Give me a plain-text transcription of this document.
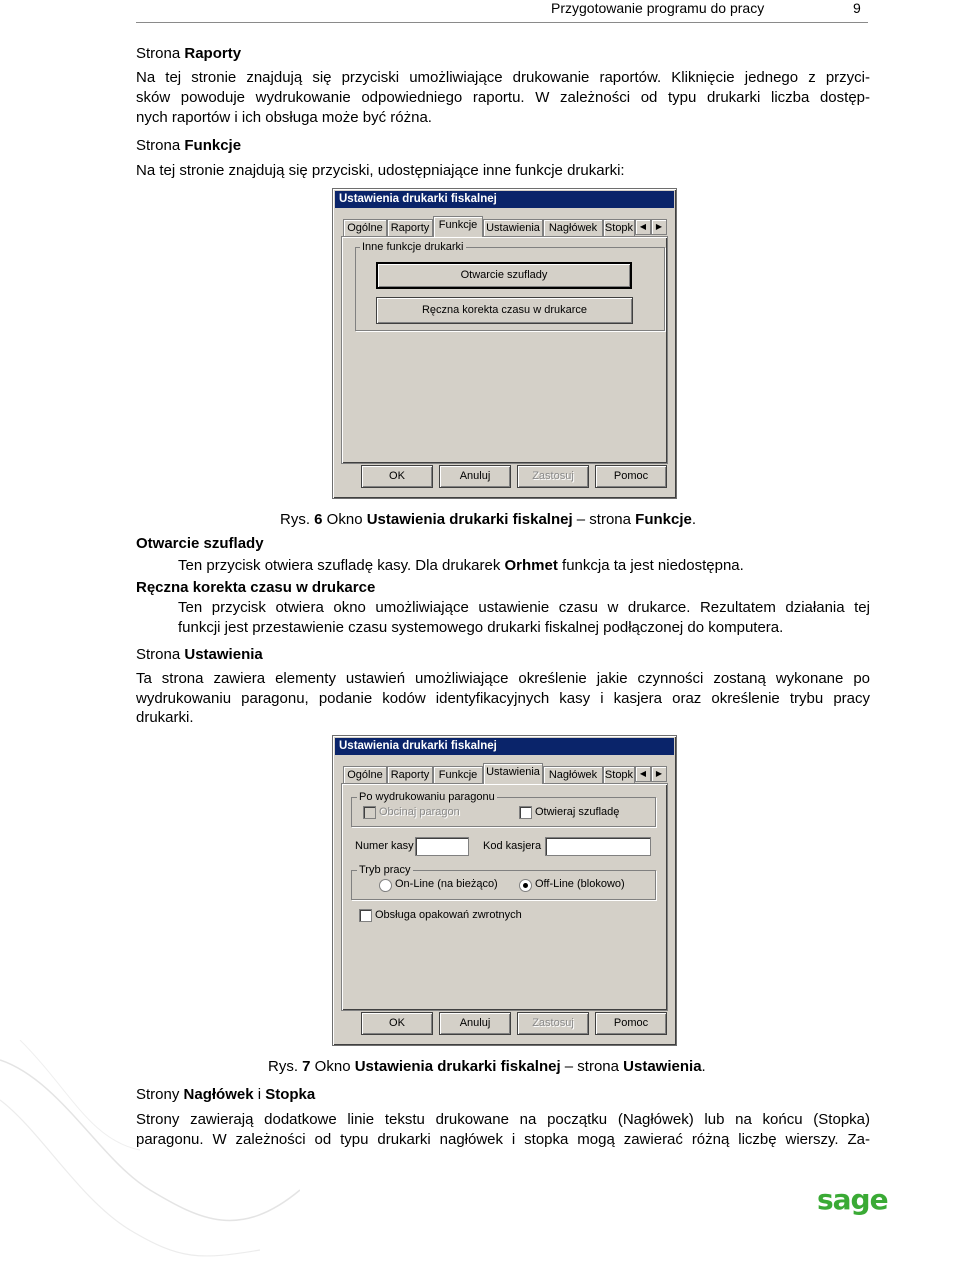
Przygotowanie programu do pracy	9
Strona Raporty
Na tej stronie znajdują się przyciski umożliwiające drukowanie raportów. Kliknięcie jednego z przyci-
sków powoduje wydrukowanie odpowiedniego raportu. W zależności od typu drukarki liczba dostęp-
nych raportów i ich obsługa może być różna.
Strona Funkcje
Na tej stronie znajdują się przyciski, udostępniające inne funkcje drukarki:
Ustawienia drukarki fiskalnej
Ogólne Raporty Funkcje Ustawienia Nagłówek Stopk ◀	▶
Inne funkcje drukarki
Otwarcie szuflady
Ręczna korekta czasu w drukarce
OK	Anuluj	Zastosuj	Pomoc
Rys. 6 Okno Ustawienia drukarki fiskalnej – strona Funkcje.
Otwarcie szuflady
Ten przycisk otwiera szufladę kasy. Dla drukarek Orhmet funkcja ta jest niedostępna.
Ręczna korekta czasu w drukarce
Ten przycisk otwiera okno umożliwiające ustawienie czasu w drukarce. Rezultatem działania tej
funkcji jest przestawienie czasu systemowego drukarki fiskalnej podłączonej do komputera.
Strona Ustawienia
Ta strona zawiera elementy ustawień umożliwiające określenie jakie czynności zostaną wykonane po
wydrukowaniu paragonu, podanie kodów identyfikacyjnych kasy i kasjera oraz określenie trybu pracy
drukarki.
Ustawienia drukarki fiskalnej
Ogólne Raporty Funkcje Ustawienia Nagłówek Stopk ◀	▶
Po wydrukowaniu paragonu
Obcinaj paragon	Otwieraj szufladę
Numer kasy	Kod kasjera
Tryb pracy
On-Line (na bieżąco)	Off-Line (blokowo)
Obsługa opakowań zwrotnych
OK	Anuluj	Zastosuj	Pomoc
Rys. 7 Okno Ustawienia drukarki fiskalnej – strona Ustawienia.
Strony Nagłówek i Stopka
Strony zawierają dodatkowe linie tekstu drukowane na początku (Nagłówek) lub na końcu (Stopka)
paragonu. W zależności od typu drukarki nagłówek i stopka mogą zawierać różną liczbę wierszy. Za-
sage
